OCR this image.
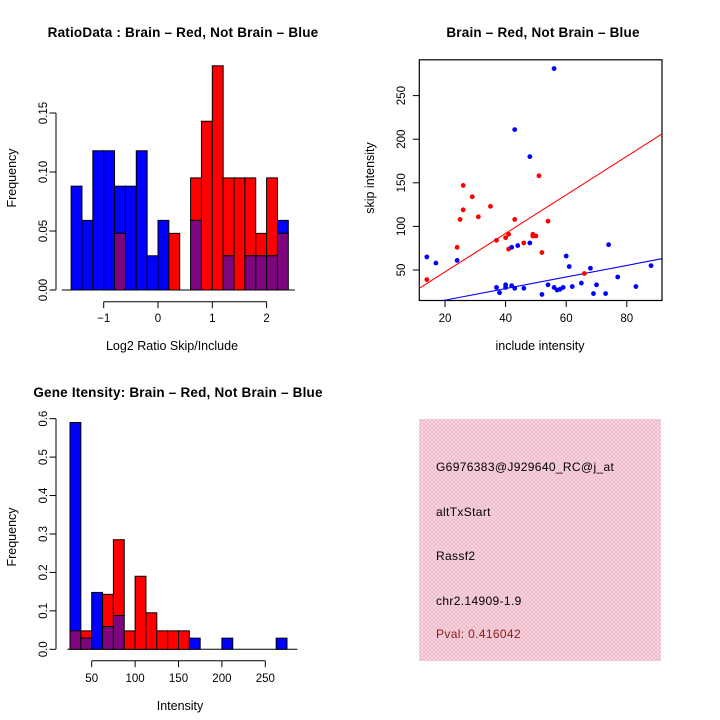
RatioData : Brain – Red, Not Brain – Blue
Log2 Ratio Skip/Include
Frequency
−1	0	1	2
0.00
0.05
0.10
0.15
Brain – Red, Not Brain – Blue
include intensity
skip intensity
20	40	60	80
50
100
150
200
250
Gene Itensity: Brain – Red, Not Brain – Blue
Intensity
Frequency
50 100 150 200 250
0.0
0.1
0.2
0.3
0.4
0.5
0.6
G6976383@J929640_RC@j_at
altTxStart
Rassf2
chr2.14909-1.9
Pval: 0.416042
